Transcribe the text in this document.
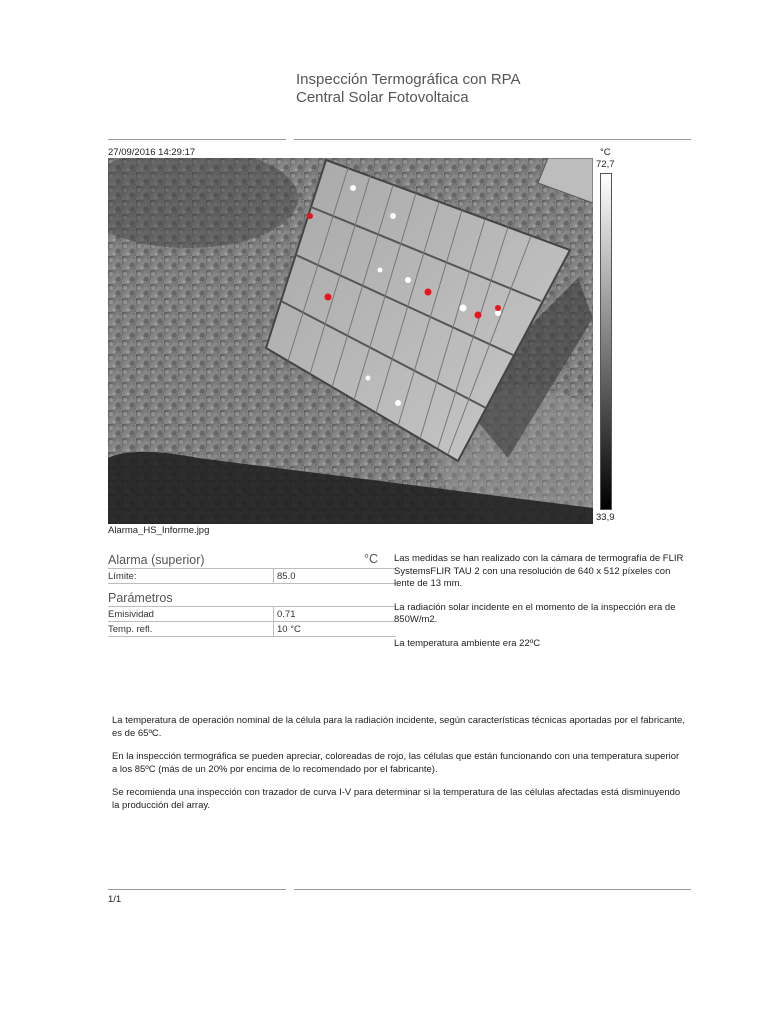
Inspección Termográfica con RPA
Central Solar Fotovoltaica
27/09/2016 14:29:17	°C
72,7
33,9
Alarma_HS_Informe.jpg
Alarma (superior)	°C
Límite:	85.0
Parámetros
Emisividad	0.71
Temp. refl.	10 °C

Las medidas se han realizado con la cámara de termografía de FLIR SystemsFLIR TAU 2 con una resolución de 640 x 512 píxeles con lente de 13 mm.

La radiación solar incidente en el momento de la inspección era de 850W/m2.

La temperatura ambiente era 22ºC

La temperatura de operación nominal de la célula para la radiación incidente, según características técnicas aportadas por el fabricante, es de 65ºC.

En la inspección termográfica se pueden apreciar, coloreadas de rojo, las células que están funcionando con una temperatura superior a los 85ºC (más de un 20% por encima de lo recomendado por el fabricante).

Se recomienda una inspección con trazador de curva I-V para determinar si la temperatura de las células afectadas está disminuyendo la producción del array.

1/1
